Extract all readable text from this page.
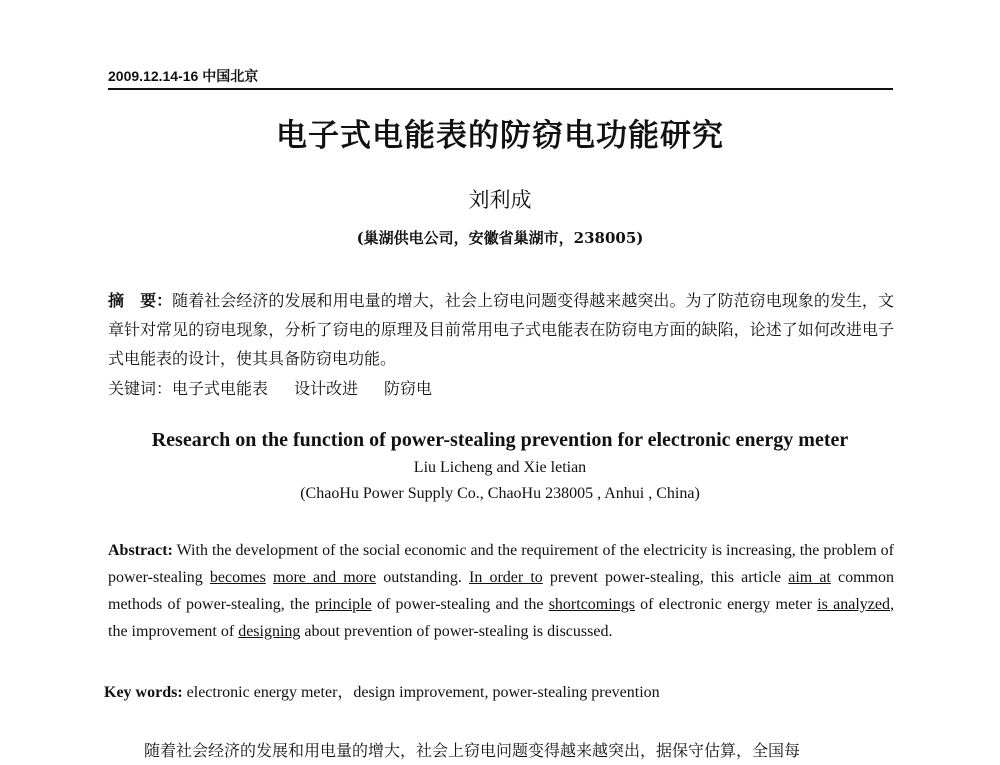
2009.12.14-16 中国北京
电子式电能表的防窃电功能研究
刘利成
(巢湖供电公司，安徽省巢湖市，238005)
摘　要：随着社会经济的发展和用电量的增大，社会上窃电问题变得越来越突出。为了防范窃电现象的发生，文章针对常见的窃电现象，分析了窃电的原理及目前常用电子式电能表在防窃电方面的缺陷，论述了如何改进电子式电能表的设计，使其具备防窃电功能。
关键词：电子式电能表 设计改进 防窃电
Research on the function of power-stealing prevention for electronic energy meter
Liu Licheng and Xie letian
(ChaoHu Power Supply Co., ChaoHu 238005 , Anhui , China)
Abstract: With the development of the social economic and the requirement of the electricity is increasing, the problem of power-stealing becomes more and more outstanding. In order to prevent power-stealing, this article aim at common methods of power-stealing, the principle of power-stealing and the shortcomings of electronic energy meter is analyzed, the improvement of designing about prevention of power-stealing is discussed.
Key words: electronic energy meter，design improvement, power-stealing prevention
随着社会经济的发展和用电量的增大，社会上窃电问题变得越来越突出，据保守估算，全国每
